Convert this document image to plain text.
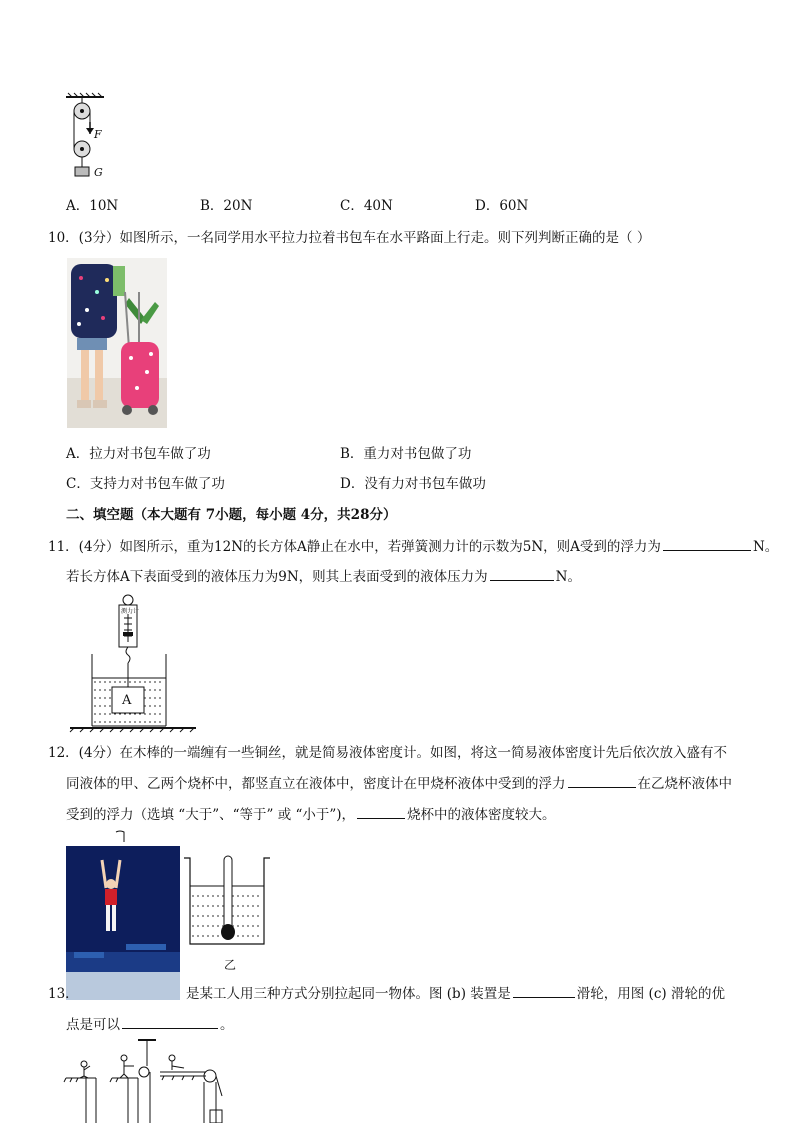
F
G
A．10N	B．20N	C．40N	D．60N
10．(3分）如图所示，一名同学用水平拉力拉着书包车在水平路面上行走。则下列判断正确的是（ ）
A．拉力对书包车做了功	B．重力对书包做了功
C．支持力对书包车做了功	D．没有力对书包车做功
二、填空题（本大题有 7小题，每小题 4分，共28分）
11．(4分）如图所示，重为12N的长方体A静止在水中，若弹簧测力计的示数为5N，则A受到的浮力为	N。
若长方体A下表面受到的液体压力为9N，则其上表面受到的液体压力为	N。
测力计
A
12．(4分）在木棒的一端缠有一些铜丝，就是简易液体密度计。如图，将这一简易液体密度计先后依次放入盛有不
同液体的甲、乙两个烧杯中，都竖直立在液体中，密度计在甲烧杯液体中受到的浮力	在乙烧杯液体中
受到的浮力（选填 “大于”、“等于” 或 “小于”)，	烧杯中的液体密度较大。
乙
13．	是某工人用三种方式分别拉起同一物体。图 (b) 装置是	滑轮，用图 (c) 滑轮的优
点是可以	。
